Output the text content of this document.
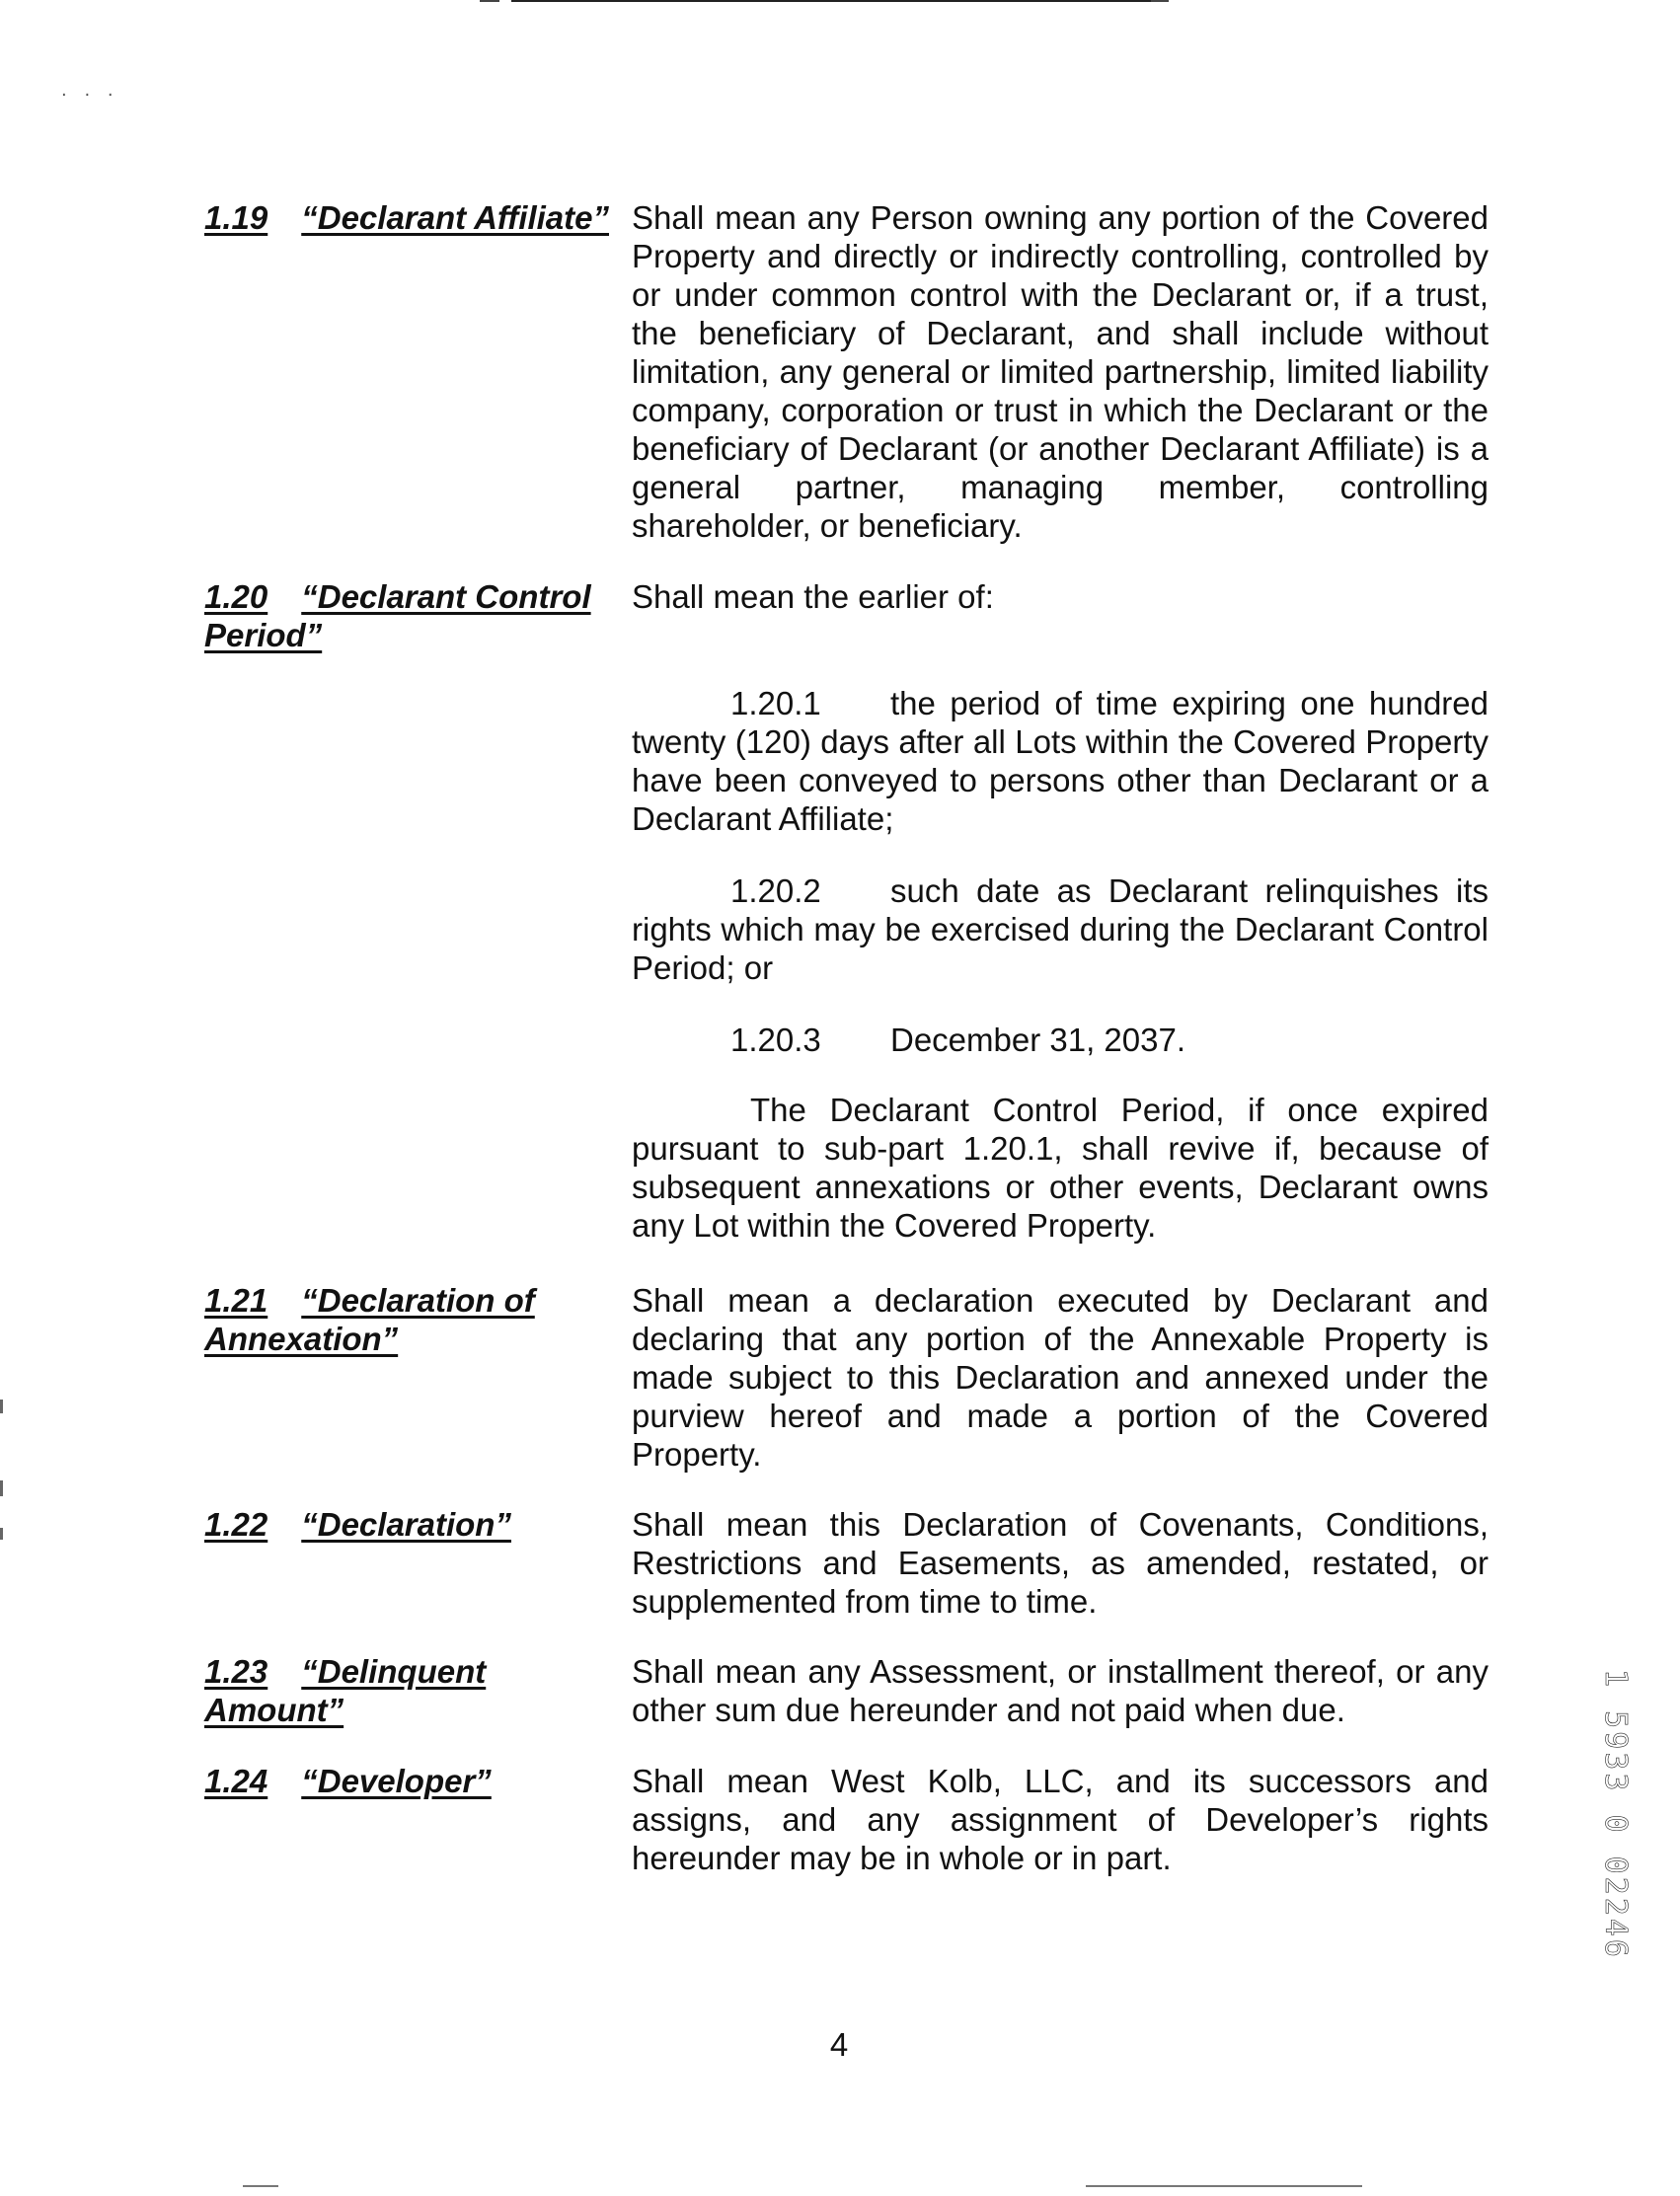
· · ·
1.19 “Declarant Affiliate” Shall mean any Person owning any portion of the Covered Property and directly or indirectly controlling, controlled by or under common control with the Declarant or, if a trust, the beneficiary of Declarant, and shall include without limitation, any general or limited partnership, limited liability company, corporation or trust in which the Declarant or the beneficiary of Declarant (or another Declarant Affiliate) is a general partner, managing member, controlling shareholder, or beneficiary.

1.20 “Declarant Control Period”

Shall mean the earlier of:

1.20.1 the period of time expiring one hundred twenty (120) days after all Lots within the Covered Property have been conveyed to persons other than Declarant or a Declarant Affiliate;

1.20.2 such date as Declarant relinquishes its rights which may be exercised during the Declarant Control Period; or

1.20.3 December 31, 2037.

The Declarant Control Period, if once expired pursuant to sub-part 1.20.1, shall revive if, because of subsequent annexations or other events, Declarant owns any Lot within the Covered Property.

1.21 “Declaration of Annexation”

Shall mean a declaration executed by Declarant and declaring that any portion of the Annexable Property is made subject to this Declaration and annexed under the purview hereof and made a portion of the Covered Property.

1.22 “Declaration”	Shall mean this Declaration of Covenants, Conditions, Restrictions and Easements, as amended, restated, or supplemented from time to time.

1.23 “Delinquent Amount”

Shall mean any Assessment, or installment thereof, or any other sum due hereunder and not paid when due.

1.24 “Developer”	Shall mean West Kolb, LLC, and its successors and assigns, and any assignment of Developer’s rights hereunder may be in whole or in part.

4
1 5933 0 02246
